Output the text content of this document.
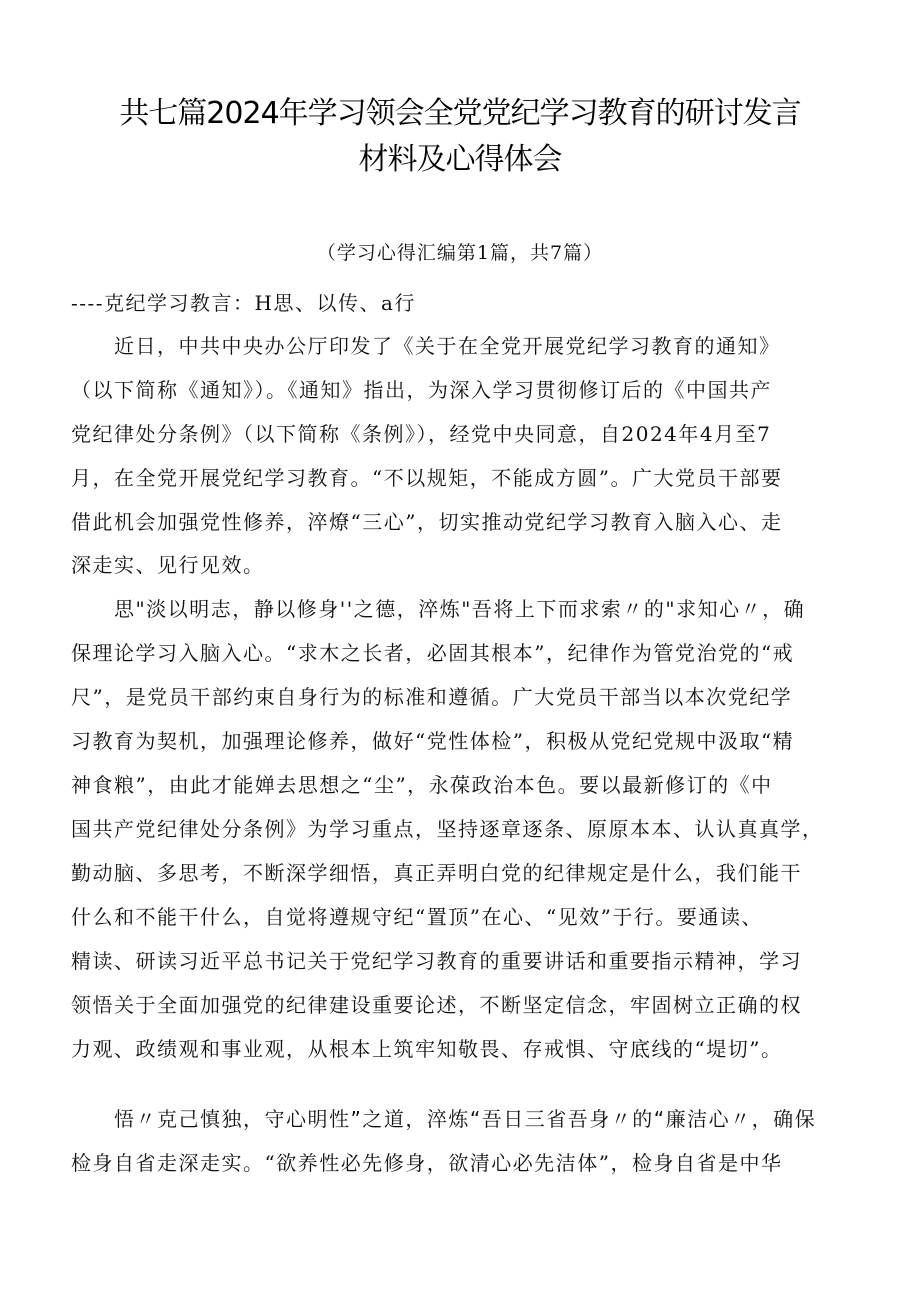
共七篇2024年学习领会全党党纪学习教育的研讨发言
材料及心得体会
（学习心得汇编第1篇，共7篇）
----克纪学习教言：H思、以传、a行
　　近日，中共中央办公厅印发了《关于在全党开展党纪学习教育的通知》
（以下简称《通知》）。《通知》指出，为深入学习贯彻修订后的《中国共产
党纪律处分条例》（以下简称《条例》），经党中央同意，自2024年4月至7
月，在全党开展党纪学习教育。“不以规矩，不能成方圆”。广大党员干部要
借此机会加强党性修养，淬燎“三心”，切实推动党纪学习教育入脑入心、走
深走实、见行见效。
　　思"淡以明志，静以修身''之德，淬炼"吾将上下而求索〃的"求知心〃，确
保理论学习入脑入心。“求木之长者，必固其根本”，纪律作为管党治党的“戒
尺”，是党员干部约束自身行为的标准和遵循。广大党员干部当以本次党纪学
习教育为契机，加强理论修养，做好“党性体检”，积极从党纪党规中汲取“精
神食粮”，由此才能婵去思想之“尘”，永葆政治本色。要以最新修订的《中
国共产党纪律处分条例》为学习重点，坚持逐章逐条、原原本本、认认真真学，
勤动脑、多思考，不断深学细悟，真正弄明白党的纪律规定是什么，我们能干
什么和不能干什么，自觉将遵规守纪“置顶”在心、“见效”于行。要通读、
精读、研读习近平总书记关于党纪学习教育的重要讲话和重要指示精神，学习
领悟关于全面加强党的纪律建设重要论述，不断坚定信念，牢固树立正确的权
力观、政绩观和事业观，从根本上筑牢知敬畏、存戒惧、守底线的“堤切”。
　　悟〃克己慎独，守心明性”之道，淬炼“吾日三省吾身〃的“廉洁心〃，确保
检身自省走深走实。“欲养性必先修身，欲清心必先洁体”，检身自省是中华
